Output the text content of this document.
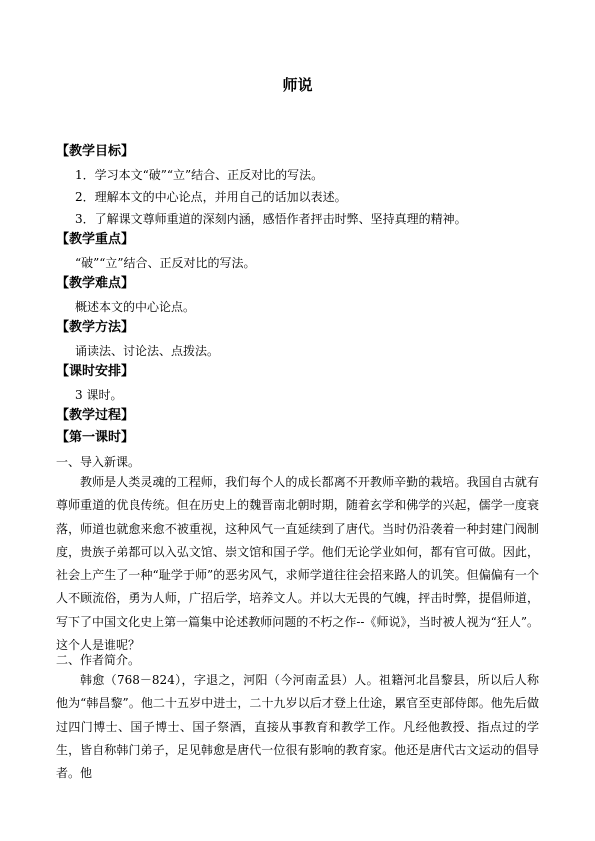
师说
【教学目标】
1．学习本文“破”“立”结合、正反对比的写法。
2．理解本文的中心论点，并用自己的话加以表述。
3．了解课文尊师重道的深刻内涵，感悟作者抨击时弊、坚持真理的精神。
【教学重点】
“破”“立”结合、正反对比的写法。
【教学难点】
概述本文的中心论点。
【教学方法】
诵读法、讨论法、点拨法。
【课时安排】
3 课时。
【教学过程】
【第一课时】
一、导入新课。
教师是人类灵魂的工程师，我们每个人的成长都离不开教师辛勤的栽培。我国自古就有尊师重道的优良传统。但在历史上的魏晋南北朝时期，随着玄学和佛学的兴起，儒学一度衰落，师道也就愈来愈不被重视，这种风气一直延续到了唐代。当时仍沿袭着一种封建门阀制度，贵族子弟都可以入弘文馆、崇文馆和国子学。他们无论学业如何，都有官可做。因此，社会上产生了一种“耻学于师”的恶劣风气，求师学道往往会招来路人的讥笑。但偏偏有一个人不顾流俗，勇为人师，广招后学，培养文人。并以大无畏的气魄，抨击时弊，提倡师道，写下了中国文化史上第一篇集中论述教师问题的不朽之作--《师说》，当时被人视为“狂人”。这个人是谁呢？
二、作者简介。
韩愈（768－824），字退之，河阳（今河南孟县）人。祖籍河北昌黎县，所以后人称他为“韩昌黎”。他二十五岁中进士，二十九岁以后才登上仕途，累官至吏部侍郎。他先后做过四门博士、国子博士、国子祭酒，直接从事教育和教学工作。凡经他教授、指点过的学生，皆自称韩门弟子，足见韩愈是唐代一位很有影响的教育家。他还是唐代古文运动的倡导者。他
